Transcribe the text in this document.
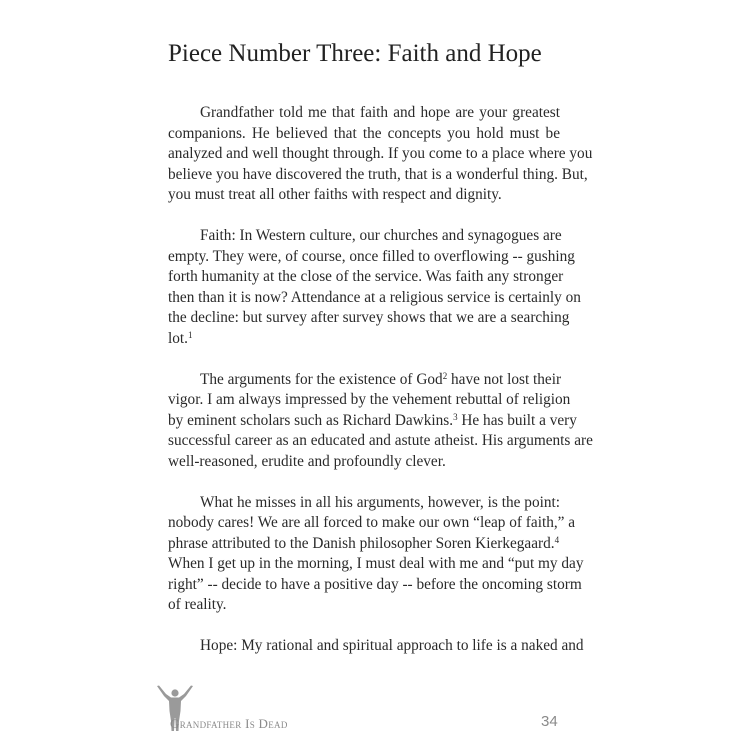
Piece Number Three: Faith and Hope

Grandfather told me that faith and hope are your greatest
companions. He believed that the concepts you hold must be
analyzed and well thought through. If you come to a place where you
believe you have discovered the truth, that is a wonderful thing. But,
you must treat all other faiths with respect and dignity.

Faith: In Western culture, our churches and synagogues are
empty. They were, of course, once filled to overflowing -- gushing
forth humanity at the close of the service. Was faith any stronger
then than it is now? Attendance at a religious service is certainly on
the decline: but survey after survey shows that we are a searching
lot.$^1$

The arguments for the existence of God$^2$ have not lost their
vigor. I am always impressed by the vehement rebuttal of religion
by eminent scholars such as Richard Dawkins.$^3$ He has built a very
successful career as an educated and astute atheist. His arguments are
well-reasoned, erudite and profoundly clever.

What he misses in all his arguments, however, is the point:
nobody cares! We are all forced to make our own “leap of faith,” a
phrase attributed to the Danish philosopher Soren Kierkegaard.$^4$
When I get up in the morning, I must deal with me and “put my day
right” -- decide to have a positive day -- before the oncoming storm
of reality.

Hope: My rational and spiritual approach to life is a naked and

Grandfather Is Dead	34
